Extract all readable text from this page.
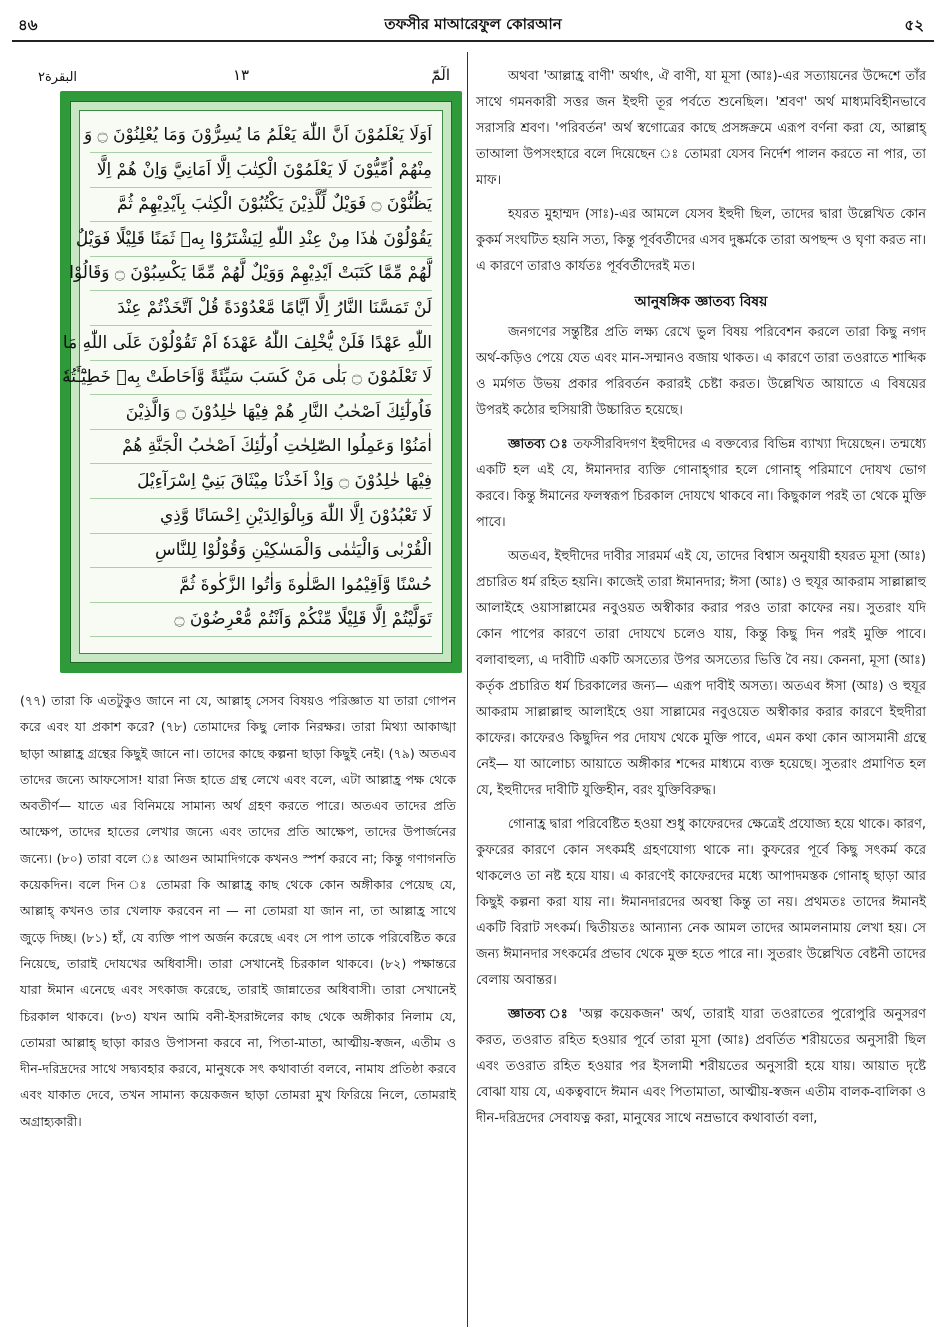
৪৬	তফসীর মাআরেফুল কোরআন	৫২
البقرة٢	١٣	الٓمّٓ
اَوَلَا يَعْلَمُوْنَ اَنَّ اللّٰهَ يَعْلَمُ مَا يُسِرُّوْنَ وَمَا يُعْلِنُوْنَ ۝ وَ
مِنْهُمْ اُمِّيُّوْنَ لَا يَعْلَمُوْنَ الْكِتٰبَ اِلَّا اَمَانِيَّ وَاِنْ هُمْ اِلَّا
يَظُنُّوْنَ ۝ فَوَيْلٌ لِّلَّذِيْنَ يَكْتُبُوْنَ الْكِتٰبَ بِاَيْدِيْهِمْ ثُمَّ
يَقُوْلُوْنَ هٰذَا مِنْ عِنْدِ اللّٰهِ لِيَشْتَرُوْا بِهٖ ثَمَنًا قَلِيْلًا فَوَيْلٌ
لَّهُمْ مِّمَّا كَتَبَتْ اَيْدِيْهِمْ وَوَيْلٌ لَّهُمْ مِّمَّا يَكْسِبُوْنَ ۝ وَقَالُوْا
لَنْ تَمَسَّنَا النَّارُ اِلَّا اَيَّامًا مَّعْدُوْدَةً قُلْ اَتَّخَذْتُمْ عِنْدَ
اللّٰهِ عَهْدًا فَلَنْ يُّخْلِفَ اللّٰهُ عَهْدَهٗ اَمْ تَقُوْلُوْنَ عَلَى اللّٰهِ مَا
لَا تَعْلَمُوْنَ ۝ بَلٰى مَنْ كَسَبَ سَيِّئَةً وَّاَحَاطَتْ بِهٖ خَطِيْٓـَٔتُهٗ
فَاُولٰٓئِكَ اَصْحٰبُ النَّارِ هُمْ فِيْهَا خٰلِدُوْنَ ۝ وَالَّذِيْنَ
اٰمَنُوْا وَعَمِلُوا الصّٰلِحٰتِ اُولٰٓئِكَ اَصْحٰبُ الْجَنَّةِ هُمْ
فِيْهَا خٰلِدُوْنَ ۝ وَاِذْ اَخَذْنَا مِيْثَاقَ بَنِيْٓ اِسْرَآءِيْلَ
لَا تَعْبُدُوْنَ اِلَّا اللّٰهَ وَبِالْوَالِدَيْنِ اِحْسَانًا وَّذِي
الْقُرْبٰى وَالْيَتٰمٰى وَالْمَسٰكِيْنِ وَقُوْلُوْا لِلنَّاسِ
حُسْنًا وَّاَقِيْمُوا الصَّلٰوةَ وَاٰتُوا الزَّكٰوةَ ثُمَّ
تَوَلَّيْتُمْ اِلَّا قَلِيْلًا مِّنْكُمْ وَاَنْتُمْ مُّعْرِضُوْنَ ۝
(৭৭) তারা কি এতটুকুও জানে না যে, আল্লাহ্ সেসব বিষয়ও পরিজ্ঞাত যা তারা গোপন করে এবং যা প্রকাশ করে? (৭৮) তোমাদের কিছু লোক নিরক্ষর। তারা মিথ্যা আকাঙ্খা ছাড়া আল্লাহ্র গ্রন্থের কিছুই জানে না। তাদের কাছে কল্পনা ছাড়া কিছুই নেই। (৭৯) অতএব তাদের জন্যে আফসোস! যারা নিজ হাতে গ্রন্থ লেখে এবং বলে, এটা আল্লাহ্র পক্ষ থেকে অবতীর্ণ— যাতে এর বিনিময়ে সামান্য অর্থ গ্রহণ করতে পারে। অতএব তাদের প্রতি আক্ষেপ, তাদের হাতের লেখার জন্যে এবং তাদের প্রতি আক্ষেপ, তাদের উপার্জনের জন্যে। (৮০) তারা বলে ঃ আগুন আমাদিগকে কখনও স্পর্শ করবে না; কিন্তু গণাগনতি কয়েকদিন। বলে দিন ঃ তোমরা কি আল্লাহ্র কাছ থেকে কোন অঙ্গীকার পেয়েছ যে, আল্লাহ্ কখনও তার খেলাফ করবেন না — না তোমরা যা জান না, তা আল্লাহ্র সাথে জুড়ে দিচ্ছ। (৮১) হাঁ, যে ব্যক্তি পাপ অর্জন করেছে এবং সে পাপ তাকে পরিবেষ্টিত করে নিয়েছে, তারাই দোযখের অধিবাসী। তারা সেখানেই চিরকাল থাকবে। (৮২) পক্ষান্তরে যারা ঈমান এনেছে এবং সৎকাজ করেছে, তারাই জান্নাতের অধিবাসী। তারা সেখানেই চিরকাল থাকবে। (৮৩) যখন আমি বনী-ইসরাঈলের কাছ থেকে অঙ্গীকার নিলাম যে, তোমরা আল্লাহ্ ছাড়া কারও উপাসনা করবে না, পিতা-মাতা, আত্মীয়-স্বজন, এতীম ও দীন-দরিদ্রদের সাথে সদ্ব্যবহার করবে, মানুষকে সৎ কথাবার্তা বলবে, নামায প্রতিষ্ঠা করবে এবং যাকাত দেবে, তখন সামান্য কয়েকজন ছাড়া তোমরা মুখ ফিরিয়ে নিলে, তোমরাই অগ্রাহ্যকারী।

অথবা 'আল্লাহ্র বাণী' অর্থাৎ, ঐ বাণী, যা মূসা (আঃ)-এর সত্যায়নের উদ্দেশে তাঁর সাথে গমনকারী সত্তর জন ইহুদী তূর পর্বতে শুনেছিল। 'শ্রবণ' অর্থ মাধ্যমবিহীনভাবে সরাসরি শ্রবণ। 'পরিবর্তন' অর্থ স্বগোত্রের কাছে প্রসঙ্গক্রমে এরূপ বর্ণনা করা যে, আল্লাহ্ তাআলা উপসংহারে বলে দিয়েছেন ঃ তোমরা যেসব নির্দেশ পালন করতে না পার, তা মাফ।

হযরত মুহাম্মদ (সাঃ)-এর আমলে যেসব ইহুদী ছিল, তাদের দ্বারা উল্লেখিত কোন কুকর্ম সংঘটিত হয়নি সত্য, কিন্তু পূর্ববর্তীদের এসব দুষ্কর্মকে তারা অপছন্দ ও ঘৃণা করত না। এ কারণে তারাও কার্যতঃ পূর্ববর্তীদেরই মত।

আনুষঙ্গিক জ্ঞাতব্য বিষয়

জনগণের সন্তুষ্টির প্রতি লক্ষ্য রেখে ভুল বিষয় পরিবেশন করলে তারা কিছু নগদ অর্থ-কড়িও পেয়ে যেত এবং মান-সম্মানও বজায় থাকত। এ কারণে তারা তওরাতে শাব্দিক ও মর্মগত উভয় প্রকার পরিবর্তন করারই চেষ্টা করত। উল্লেখিত আয়াতে এ বিষয়ের উপরই কঠোর হুসিয়ারী উচ্চারিত হয়েছে।

জ্ঞাতব্য ঃ তফসীরবিদগণ ইহুদীদের এ বক্তব্যের বিভিন্ন ব্যাখ্যা দিয়েছেন। তন্মধ্যে একটি হল এই যে, ঈমানদার ব্যক্তি গোনাহ্গার হলে গোনাহ্ পরিমাণে দোযখ ভোগ করবে। কিন্তু ঈমানের ফলস্বরূপ চিরকাল দোযখে থাকবে না। কিছুকাল পরই তা থেকে মুক্তি পাবে।

অতএব, ইহুদীদের দাবীর সারমর্ম এই যে, তাদের বিশ্বাস অনুযায়ী হযরত মূসা (আঃ) প্রচারিত ধর্ম রহিত হয়নি। কাজেই তারা ঈমানদার; ঈসা (আঃ) ও হুযূর আকরাম সাল্লাল্লাহু আলাইহে ওয়াসাল্লামের নবুওয়ত অস্বীকার করার পরও তারা কাফের নয়। সুতরাং যদি কোন পাপের কারণে তারা দোযখে চলেও যায়, কিন্তু কিছু দিন পরই মুক্তি পাবে। বলাবাহুল্য, এ দাবীটি একটি অসত্যের উপর অসত্যের ভিত্তি বৈ নয়। কেননা, মূসা (আঃ) কর্তৃক প্রচারিত ধর্ম চিরকালের জন্য— এরূপ দাবীই অসত্য। অতএব ঈসা (আঃ) ও হুযূর আকরাম সাল্লাল্লাহু আলাইহে ওয়া সাল্লামের নবুওয়েত অস্বীকার করার কারণে ইহুদীরা কাফের। কাফেরও কিছুদিন পর দোযখ থেকে মুক্তি পাবে, এমন কথা কোন আসমানী গ্রন্থে নেই— যা আলোচ্য আয়াতে অঙ্গীকার শব্দের মাধ্যমে ব্যক্ত হয়েছে। সুতরাং প্রমাণিত হল যে, ইহুদীদের দাবীটি যুক্তিহীন, বরং যুক্তিবিরুদ্ধ।

গোনাহ্র দ্বারা পরিবেষ্টিত হওয়া শুধু কাফেরদের ক্ষেত্রেই প্রযোজ্য হয়ে থাকে। কারণ, কুফরের কারণে কোন সৎকর্মই গ্রহণযোগ্য থাকে না। কুফরের পূর্বে কিছু সৎকর্ম করে থাকলেও তা নষ্ট হয়ে যায়। এ কারণেই কাফেরদের মধ্যে আপাদমস্তক গোনাহ্ ছাড়া আর কিছুই কল্পনা করা যায় না। ঈমানদারদের অবস্থা কিন্তু তা নয়। প্রথমতঃ তাদের ঈমানই একটি বিরাট সৎকর্ম। দ্বিতীয়তঃ আন্যান্য নেক আমল তাদের আমলনামায় লেখা হয়। সে জন্য ঈমানদার সৎকর্মের প্রভাব থেকে মুক্ত হতে পারে না। সুতরাং উল্লেখিত বেষ্টনী তাদের বেলায় অবান্তর।

জ্ঞাতব্য ঃ 'অল্প কয়েকজন' অর্থ, তারাই যারা তওরাতের পুরোপুরি অনুসরণ করত, তওরাত রহিত হওয়ার পূর্বে তারা মূসা (আঃ) প্রবর্তিত শরীয়তের অনুসারী ছিল এবং তওরাত রহিত হওয়ার পর ইসলামী শরীয়তের অনুসারী হয়ে যায়। আয়াত দৃষ্টে বোঝা যায় যে, একত্ববাদে ঈমান এবং পিতামাতা, আত্মীয়-স্বজন এতীম বালক-বালিকা ও দীন-দরিদ্রদের সেবাযত্ন করা, মানুষের সাথে নম্রভাবে কথাবার্তা বলা,
